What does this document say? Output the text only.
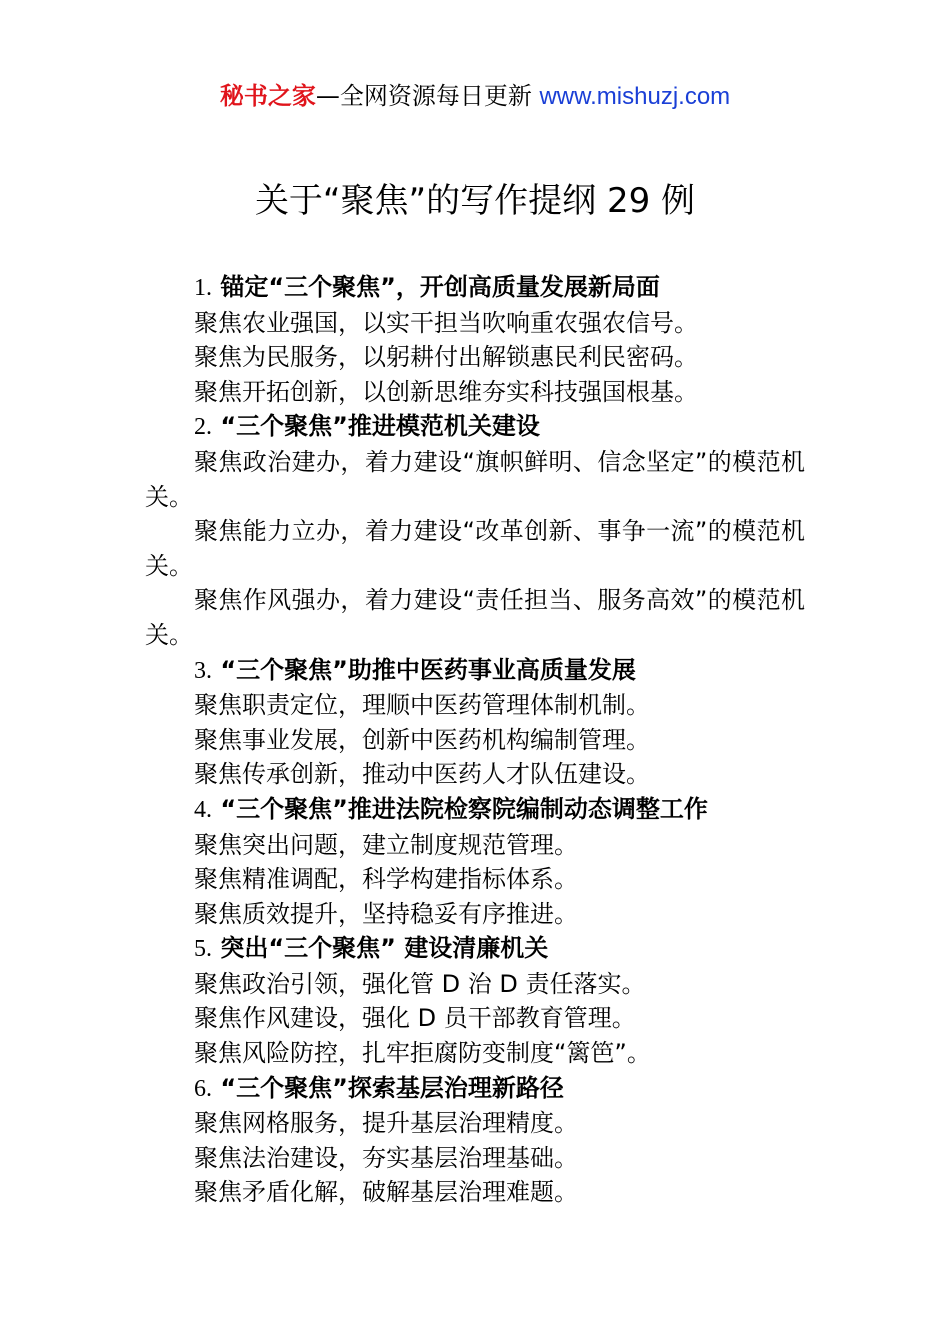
秘书之家—全网资源每日更新 www.mishuzj.com
关于“聚焦”的写作提纲 29 例
1. 锚定“三个聚焦”，开创高质量发展新局面
聚焦农业强国，以实干担当吹响重农强农信号。
聚焦为民服务，以躬耕付出解锁惠民利民密码。
聚焦开拓创新，以创新思维夯实科技强国根基。
2. “三个聚焦”推进模范机关建设
聚焦政治建办，着力建设“旗帜鲜明、信念坚定”的模范机关。
聚焦能力立办，着力建设“改革创新、事争一流”的模范机关。
聚焦作风强办，着力建设“责任担当、服务高效”的模范机关。
3. “三个聚焦”助推中医药事业高质量发展
聚焦职责定位，理顺中医药管理体制机制。
聚焦事业发展，创新中医药机构编制管理。
聚焦传承创新，推动中医药人才队伍建设。
4. “三个聚焦”推进法院检察院编制动态调整工作
聚焦突出问题，建立制度规范管理。
聚焦精准调配，科学构建指标体系。
聚焦质效提升，坚持稳妥有序推进。
5. 突出“三个聚焦” 建设清廉机关
聚焦政治引领，强化管 D 治 D 责任落实。
聚焦作风建设，强化 D 员干部教育管理。
聚焦风险防控，扎牢拒腐防变制度“篱笆”。
6. “三个聚焦”探索基层治理新路径
聚焦网格服务，提升基层治理精度。
聚焦法治建设，夯实基层治理基础。
聚焦矛盾化解，破解基层治理难题。
